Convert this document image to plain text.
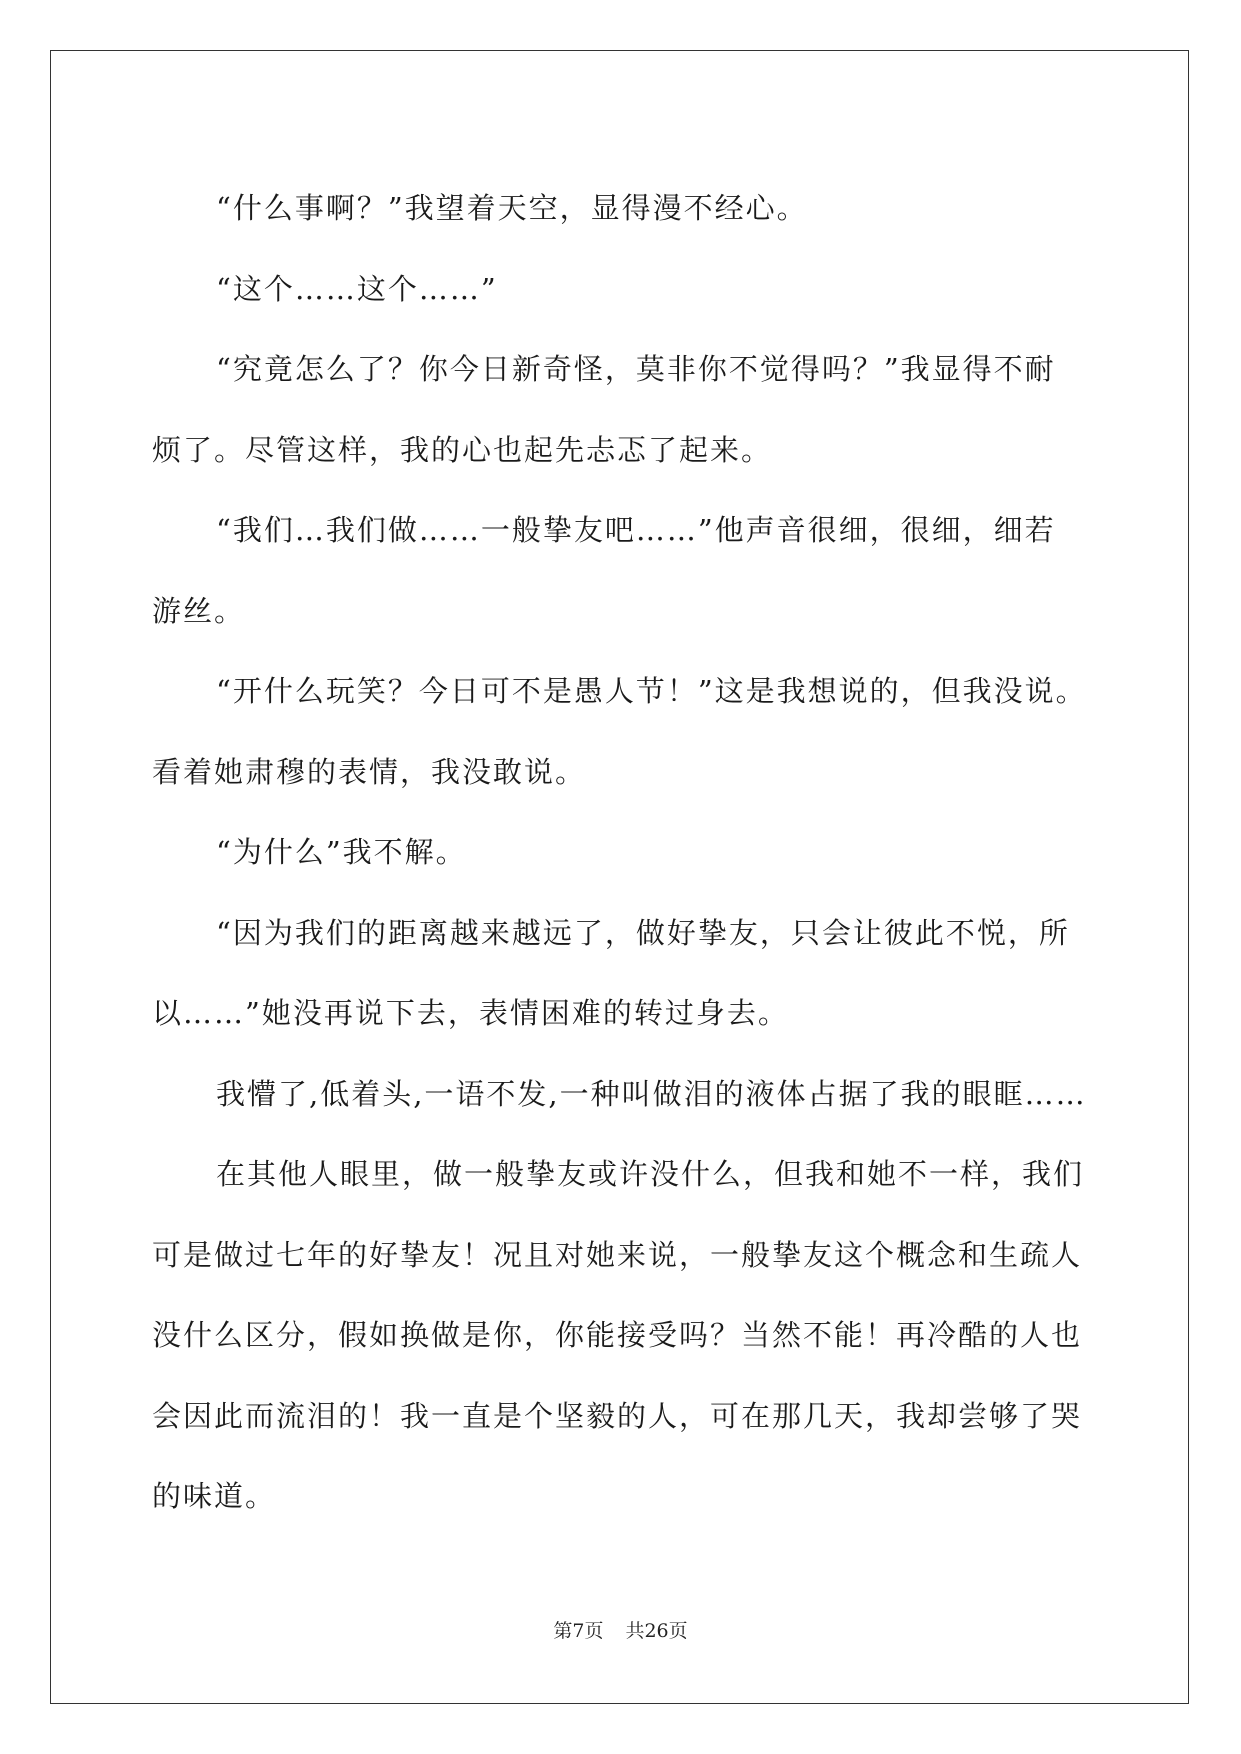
“什么事啊？”我望着天空，显得漫不经心。

“这个……这个……”

“究竟怎么了？你今日新奇怪，莫非你不觉得吗？”我显得不耐
烦了。尽管这样，我的心也起先忐忑了起来。

“我们…我们做……一般挚友吧……”他声音很细，很细，细若
游丝。

“开什么玩笑？今日可不是愚人节！”这是我想说的，但我没说。
看着她肃穆的表情，我没敢说。

“为什么”我不解。

“因为我们的距离越来越远了，做好挚友，只会让彼此不悦，所
以……”她没再说下去，表情困难的转过身去。

我懵了,低着头,一语不发,一种叫做泪的液体占据了我的眼眶……

在其他人眼里，做一般挚友或许没什么，但我和她不一样，我们
可是做过七年的好挚友！况且对她来说，一般挚友这个概念和生疏人
没什么区分，假如换做是你，你能接受吗？当然不能！再冷酷的人也
会因此而流泪的！我一直是个坚毅的人，可在那几天，我却尝够了哭
的味道。

第7页 共26页
